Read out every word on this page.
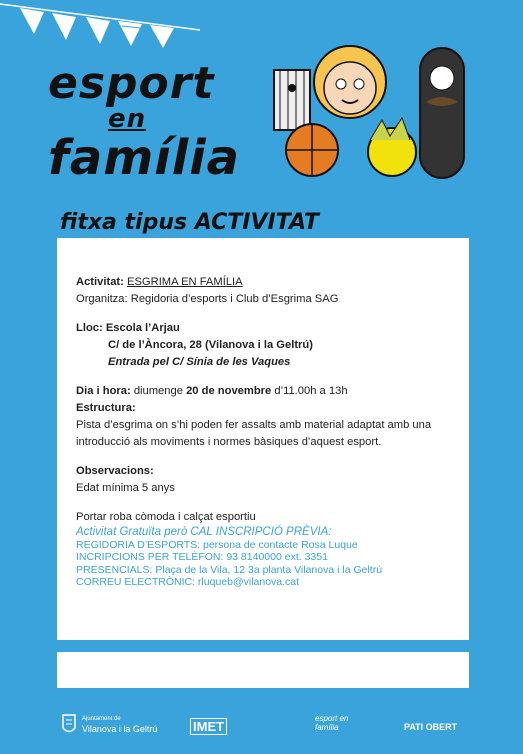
esport
en
família
fitxa tipus ACTIVITAT

Activitat: ESGRIMA EN FAMÍLIA

Organitza: Regidoria d’esports i Club d’Esgrima SAG

Lloc: Escola l’Arjau

C/ de l’Àncora, 28 (Vilanova i la Geltrú)

Entrada pel C/ Sínia de les Vaques

Dia i hora: diumenge 20 de novembre d’11.00h a 13h

Estructura:

Pista d’esgrima on s’hi poden fer assalts amb material adaptat amb una introducció als moviments i normes bàsiques d’aquest esport.

Observacions:

Edat mínima 5 anys

Portar roba còmoda i calçat esportiu

Activitat Gratuïta però CAL INSCRIPCIÓ PRÈVIA:

REGIDORIA D’ESPORTS: persona de contacte Rosa Luque

INCRIPCIONS PER TELÈFON: 93 8140000 ext. 3351

PRESENCIALS: Plaça de la Vila, 12 3a planta Vilanova i la Geltrú

CORREU ELECTRÒNIC: rluqueb@vilanova.cat

Ajuntament de
Vilanova i la Geltrú	IMET
esport en família	PATI OBERT
